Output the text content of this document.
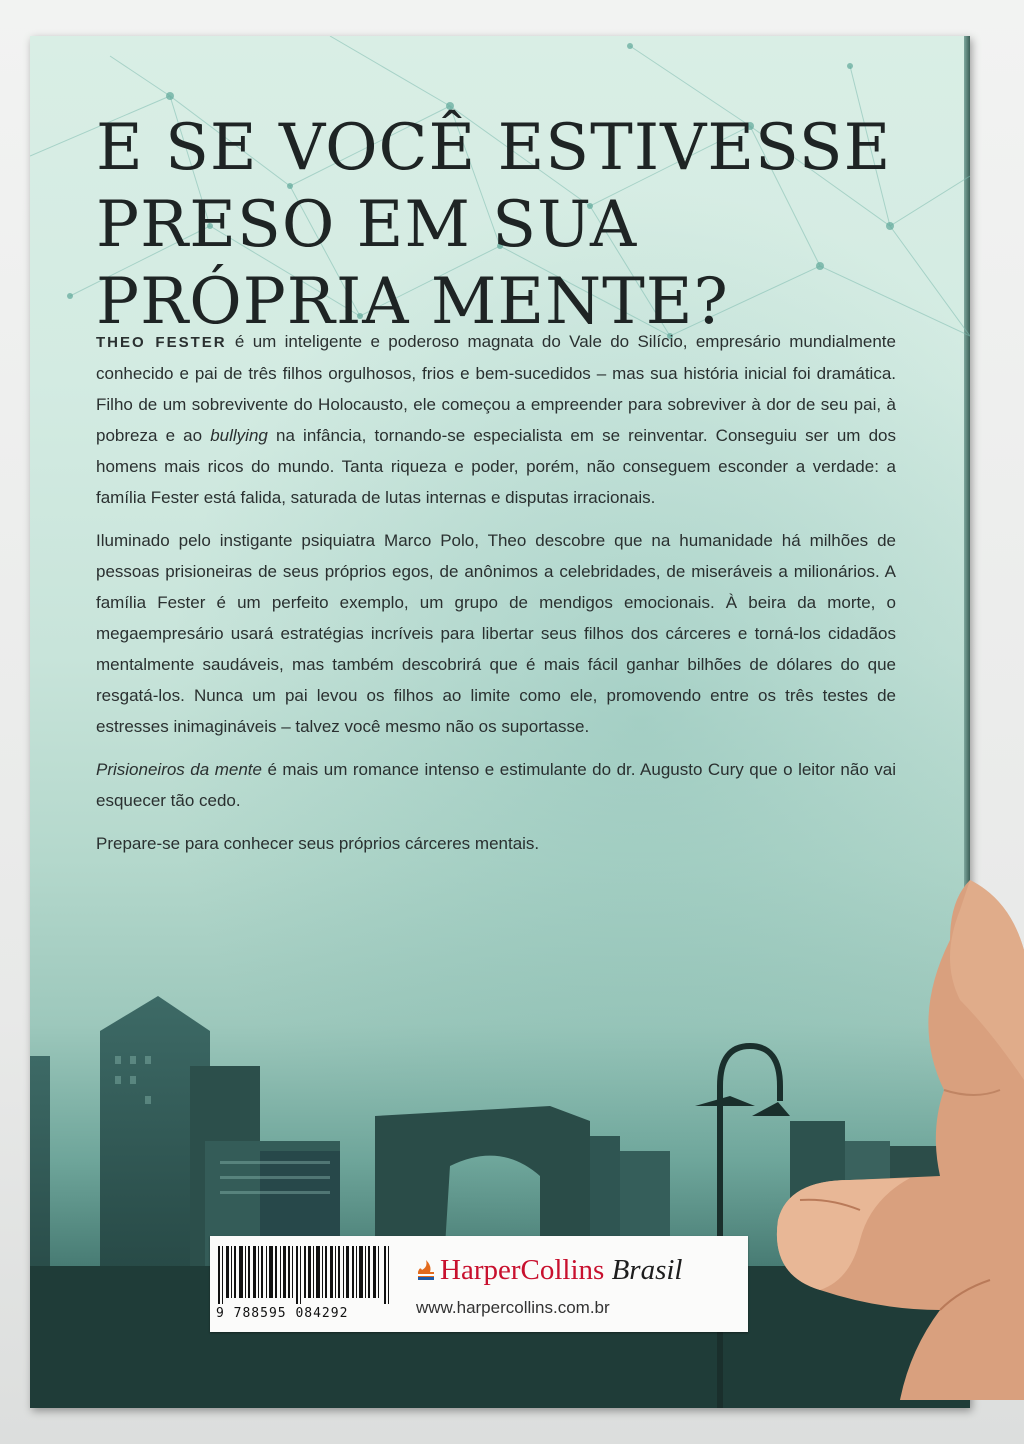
E SE VOCÊ ESTIVESSE
PRESO EM SUA
PRÓPRIA MENTE?

THEO FESTER é um inteligente e poderoso magnata do Vale do Silício, empresário mundialmente conhecido e pai de três filhos orgulhosos, frios e bem-sucedidos – mas sua história inicial foi dramática. Filho de um sobrevivente do Holocausto, ele começou a empreender para sobreviver à dor de seu pai, à pobreza e ao bullying na infância, tornando-se especialista em se reinventar. Conseguiu ser um dos homens mais ricos do mundo. Tanta riqueza e poder, porém, não conseguem esconder a verdade: a família Fester está falida, saturada de lutas internas e disputas irracionais.

Iluminado pelo instigante psiquiatra Marco Polo, Theo descobre que na humanidade há milhões de pessoas prisioneiras de seus próprios egos, de anônimos a celebridades, de miseráveis a milionários. A família Fester é um perfeito exemplo, um grupo de mendigos emocionais. À beira da morte, o megaempresário usará estratégias incríveis para libertar seus filhos dos cárceres e torná-los cidadãos mentalmente saudáveis, mas também descobrirá que é mais fácil ganhar bilhões de dólares do que resgatá-los. Nunca um pai levou os filhos ao limite como ele, promovendo entre os três testes de estresses inimagináveis – talvez você mesmo não os suportasse.

Prisioneiros da mente é mais um romance intenso e estimulante do dr. Augusto Cury que o leitor não vai esquecer tão cedo.

Prepare-se para conhecer seus próprios cárceres mentais.

9 788595 084292
HarperCollins Brasil
www.harpercollins.com.br
